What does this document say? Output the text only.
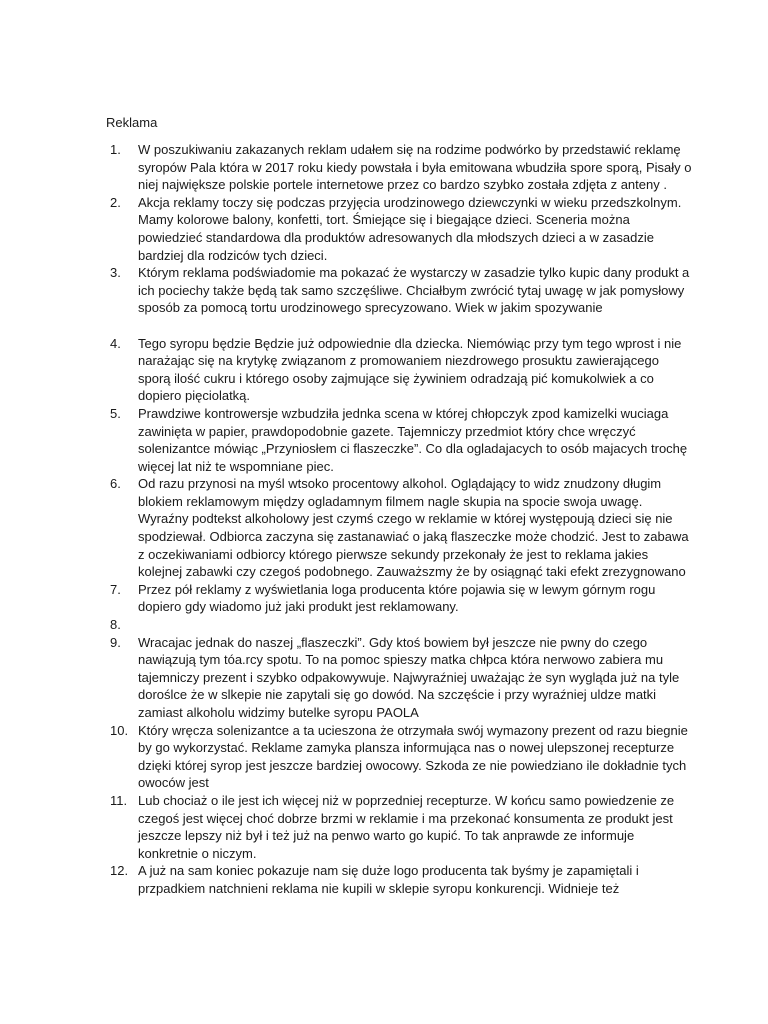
Reklama
1.	W poszukiwaniu zakazanych reklam udałem się na rodzime podwórko by przedstawić reklamę syropów Pala która w 2017 roku kiedy powstała i była emitowana wbudziła spore sporą, Pisały o niej największe polskie portele internetowe przez co bardzo szybko została zdjęta z anteny .
2.	Akcja reklamy toczy się podczas przyjęcia urodzinowego dziewczynki w wieku przedszkolnym. Mamy kolorowe balony, konfetti, tort. Śmiejące się i biegające dzieci. Sceneria można powiedzieć standardowa dla produktów adresowanych dla młodszych dzieci a w zasadzie bardziej dla rodziców tych dzieci.
3.	Którym reklama podświadomie ma pokazać że wystarczy w zasadzie tylko kupic dany produkt a ich pociechy także będą tak samo szczęśliwe. Chciałbym zwrócić tytaj uwagę w jak pomysłowy sposób za pomocą tortu urodzinowego sprecyzowano. Wiek w jakim spozywanie
4.	Tego syropu będzie Będzie już odpowiednie dla dziecka. Niemówiąc przy tym tego wprost i nie narażając się na krytykę związanom z promowaniem niezdrowego prosuktu zawierającego sporą ilość cukru i którego osoby zajmujące się żywiniem odradzają pić komukolwiek a co dopiero pięciolatką.
5.	Prawdziwe kontrowersje wzbudziła jednka scena w której chłopczyk zpod kamizelki wuciaga zawinięta w papier, prawdopodobnie gazete. Tajemniczy przedmiot który chce wręczyć solenizantce mówiąc „Przyniosłem ci flaszeczke”. Co dla ogladajacych to osób majacych trochę więcej lat niż te wspomniane piec.
6.	Od razu przynosi na myśl wtsoko procentowy alkohol. Oglądający to widz znudzony długim blokiem reklamowym między ogladamnym filmem nagle skupia na spocie swoja uwagę. Wyraźny podtekst alkoholowy jest czymś czego w reklamie w której występoują dzieci się nie spodziewał. Odbiorca zaczyna się zastanawiać o jaką flaszeczke może chodzić. Jest to zabawa z oczekiwaniami odbiorcy którego pierwsze sekundy przekonały że jest to reklama jakies kolejnej zabawki czy czegoś podobnego. Zauważszmy że by osiągnąć taki efekt zrezygnowano
7.	Przez pół reklamy z wyświetlania loga producenta które pojawia się w lewym górnym rogu dopiero gdy wiadomo już jaki produkt jest reklamowany.
8.
9.	Wracajac jednak do naszej „flaszeczki”. Gdy ktoś bowiem był jeszcze nie pwny do czego nawiązują tym tóa.rcy spotu. To na pomoc spieszy matka chłpca która nerwowo zabiera mu tajemniczy prezent i szybko odpakowywuje. Najwyraźniej uważając że syn wygląda już na tyle doroślce że w slkepie nie zapytali się go dowód. Na szczęście i przy wyraźniej uldze matki zamiast alkoholu widzimy butelke syropu PAOLA
10. Który wręcza solenizantce a ta ucieszona że otrzymała swój wymazony prezent od razu biegnie by go wykorzystać. Reklame zamyka plansza informująca nas o nowej ulepszonej recepturze dzięki której syrop jest jeszcze bardziej owocowy. Szkoda ze nie powiedziano ile dokładnie tych owoców jest
11. Lub chociaż o ile jest ich więcej niż w poprzedniej recepturze. W końcu samo powiedzenie ze czegoś jest więcej choć dobrze brzmi w reklamie i ma przekonać konsumenta ze produkt jest jeszcze lepszy niż był i też już na penwo warto go kupić. To tak anprawde ze informuje konkretnie o niczym.
12. A już na sam koniec pokazuje nam się duże logo producenta tak byśmy je zapamiętali i przpadkiem natchnieni reklama nie kupili w sklepie syropu konkurencji. Widnieje też
